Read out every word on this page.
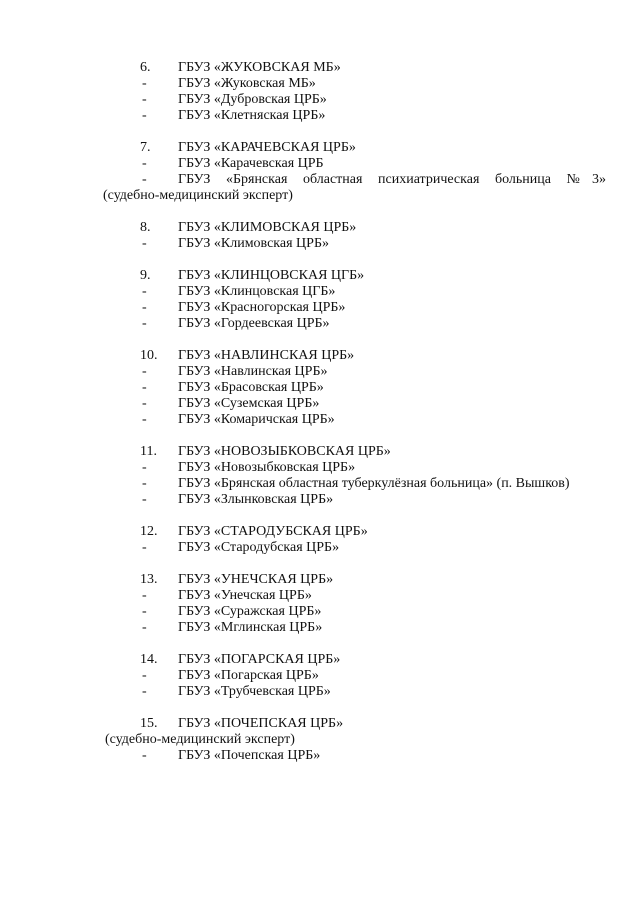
6. ГБУЗ «ЖУКОВСКАЯ МБ»
- ГБУЗ «Жуковская МБ»
- ГБУЗ «Дубровская ЦРБ»
- ГБУЗ «Клетняская ЦРБ»
7. ГБУЗ «КАРАЧЕВСКАЯ ЦРБ»
- ГБУЗ «Карачевская ЦРБ
- ГБУЗ «Брянская областная психиатрическая больница №3»
(судебно-медицинский эксперт)
8. ГБУЗ «КЛИМОВСКАЯ ЦРБ»
- ГБУЗ «Климовская ЦРБ»
9. ГБУЗ «КЛИНЦОВСКАЯ ЦГБ»
- ГБУЗ «Клинцовская ЦГБ»
- ГБУЗ «Красногорская ЦРБ»
- ГБУЗ «Гордеевская ЦРБ»
10. ГБУЗ «НАВЛИНСКАЯ ЦРБ»
- ГБУЗ «Навлинская ЦРБ»
- ГБУЗ «Брасовская ЦРБ»
- ГБУЗ «Суземская ЦРБ»
- ГБУЗ «Комаричская ЦРБ»
11. ГБУЗ «НОВОЗЫБКОВСКАЯ ЦРБ»
- ГБУЗ «Новозыбковская ЦРБ»
- ГБУЗ «Брянская областная туберкулёзная больница» (п. Вышков)
- ГБУЗ «Злынковская ЦРБ»
12. ГБУЗ «СТАРОДУБСКАЯ ЦРБ»
- ГБУЗ «Стародубская ЦРБ»
13. ГБУЗ «УНЕЧСКАЯ ЦРБ»
- ГБУЗ «Унечская ЦРБ»
- ГБУЗ «Суражская ЦРБ»
- ГБУЗ «Мглинская ЦРБ»
14. ГБУЗ «ПОГАРСКАЯ ЦРБ»
- ГБУЗ «Погарская ЦРБ»
- ГБУЗ «Трубчевская ЦРБ»
15. ГБУЗ «ПОЧЕПСКАЯ ЦРБ»
(судебно-медицинский эксперт)
- ГБУЗ «Почепская ЦРБ»
